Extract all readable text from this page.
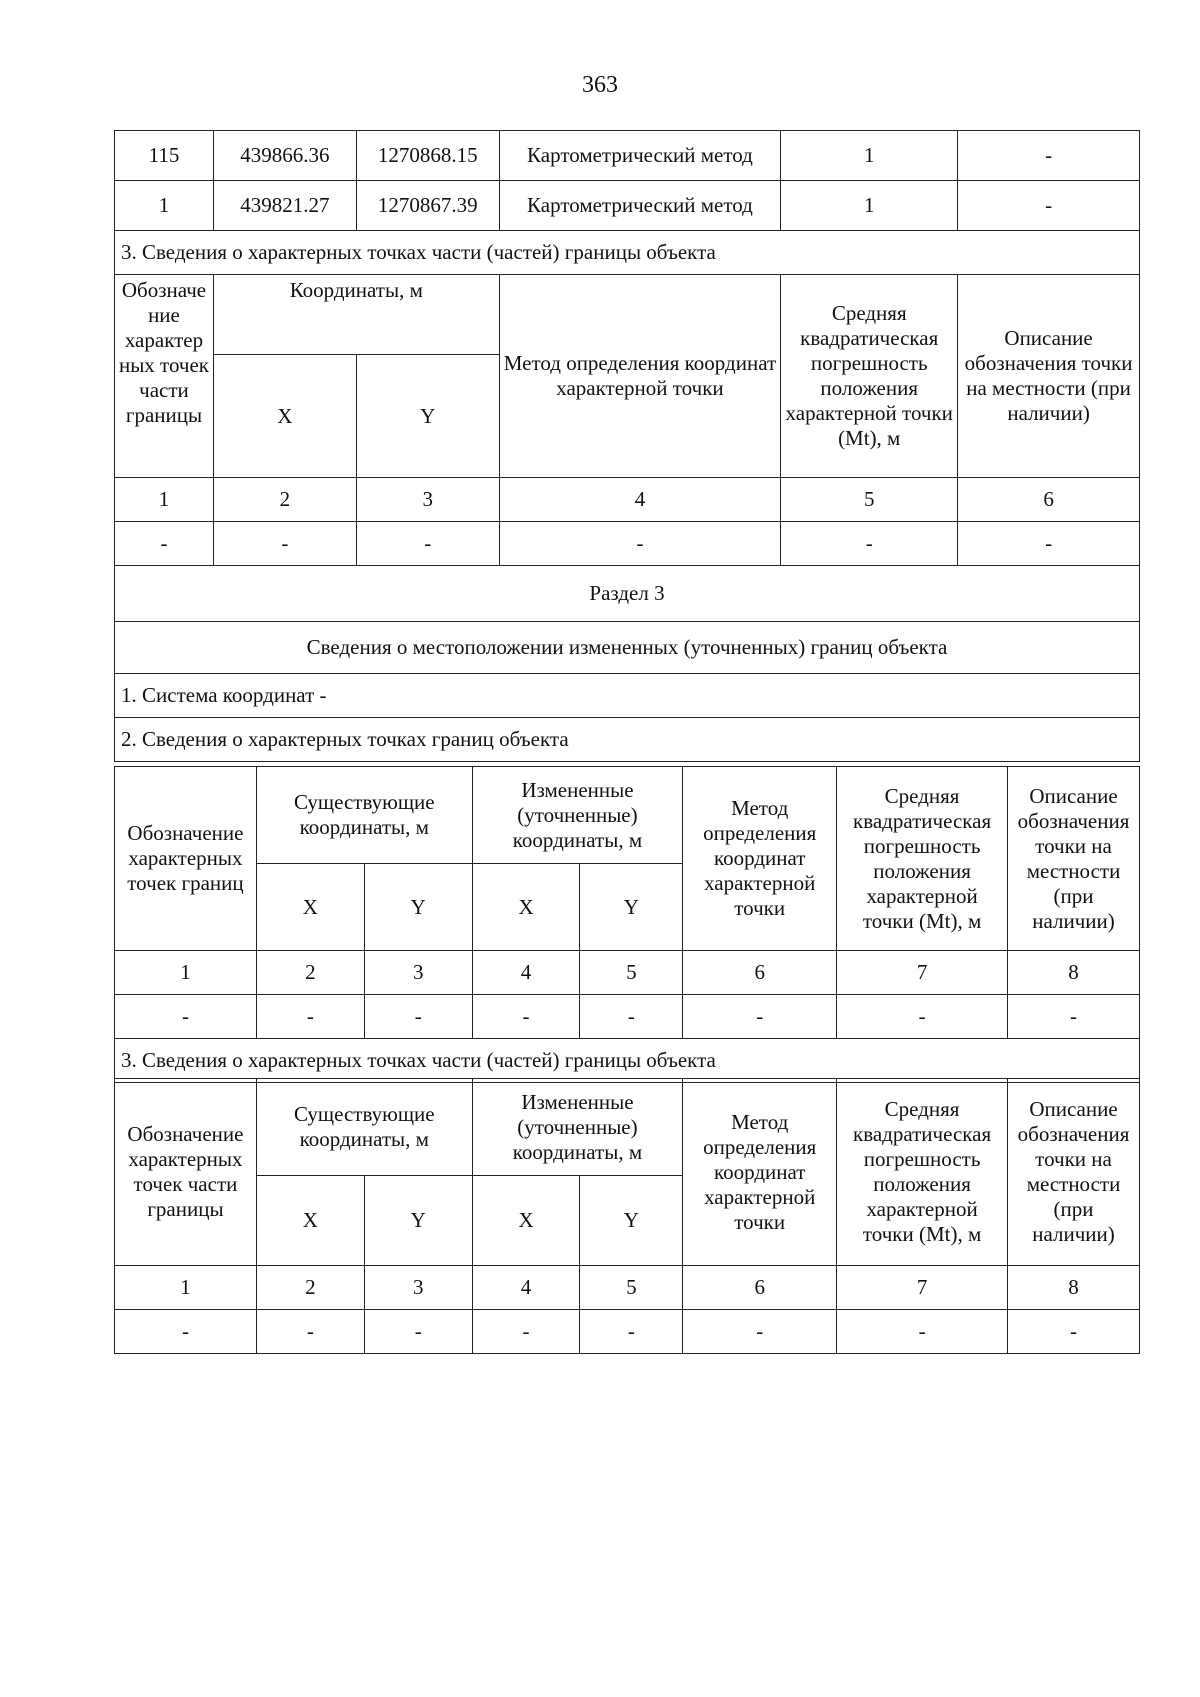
363
115	439866.36	1270868.15	Картометрический метод	1	-
1	439821.27	1270867.39	Картометрический метод	1	-
3. Сведения о характерных точках части (частей) границы объекта					
Обозначе ние характер ных точек части границы	Координаты, м		Метод определения координат характерной точки	Средняя квадратическая погрешность положения характерной точки (Mt), м	Описание обозначения точки на местности (при наличии)
	X	Y			
1	2	3	4	5	6
-	-	-	-	-	-
Раздел 3					
Сведения о местоположении измененных (уточненных) границ объекта					
1. Система координат -					
2. Сведения о характерных точках границ объекта					
Обозначение характерных точек границ	Существующие координаты, м		Измененные (уточненные) координаты, м		Метод определения координат характерной точки	Средняя квадратическая погрешность положения характерной точки (Mt), м	Описание обозначения точки на местности (при наличии)
	X	Y	X	Y			
1	2	3	4	5	6	7	8
-	-	-	-	-	-	-	-
3. Сведения о характерных точках части (частей) границы объекта							
Обозначение характерных точек части границы	Существующие координаты, м		Измененные (уточненные) координаты, м		Метод определения координат характерной точки	Средняя квадратическая погрешность положения характерной точки (Mt), м	Описание обозначения точки на местности (при наличии)
	X	Y	X	Y			
1	2	3	4	5	6	7	8
-	-	-	-	-	-	-	-
